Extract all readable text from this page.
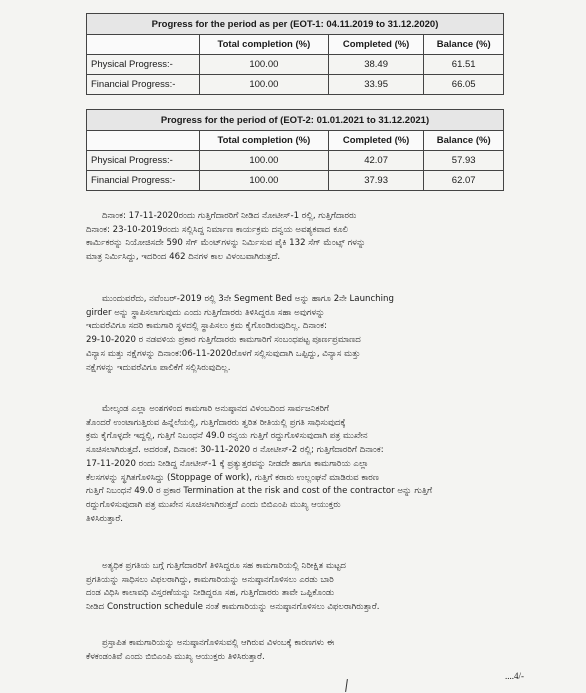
Progress for the period as per (EOT-1: 04.11.2019 to 31.12.2020)			
	Total completion (%)	Completed (%)	Balance (%)
Physical Progress:-	100.00	38.49	61.51
Financial Progress:-	100.00	33.95	66.05
Progress for the period of (EOT-2: 01.01.2021 to 31.12.2021)			
	Total completion (%)	Completed (%)	Balance (%)
Physical Progress:-	100.00	42.07	57.93
Financial Progress:-	100.00	37.93	62.07
ದಿನಾಂಕ: 17-11-2020ರಂದು ಗುತ್ತಿಗೆದಾರರಿಗೆ ನೀಡಿದ ನೋಟೀಸ್-1 ರಲ್ಲಿ, ಗುತ್ತಿಗೆದಾರರು
ದಿನಾಂಕ: 23-10-2019ರಂದು ಸಲ್ಲಿಸಿದ್ದ ನಿರ್ಮಾಣ ಕಾರ್ಯಕ್ರಮ ದನ್ವಯ ಅವಶ್ಯಕವಾದ ಕೂಲಿ
ಕಾರ್ಮಿಕರನ್ನು ನಿಯೋಜಿಸದೇ 590 ಸೆಗ್ ಮೆಂಟ್‌ಗಳನ್ನು ನಿರ್ಮಿಸುವ ಪೈಕಿ 132 ಸೆಗ್ ಮೆಂಟ್ಸ್ ಗಳನ್ನು
ಮಾತ್ರ ನಿರ್ಮಿಸಿದ್ದು, ಇದರಿಂದ 462 ದಿನಗಳ ಕಾಲ ವಿಳಂಬವಾಗಿರುತ್ತದೆ.
ಮುಂದುವರೆದು, ನವೆಂಬರ್-2019 ರಲ್ಲಿ 3ನೇ Segment Bed ಅನ್ನು ಹಾಗೂ 2ನೇ Launching
girder ಅನ್ನು ಸ್ಥಾಪಿಸಲಾಗುವುದು ಎಂದು ಗುತ್ತಿಗೆದಾರರು ತಿಳಿಸಿದ್ದರೂ ಸಹಾ ಅವುಗಳನ್ನು
ಇದುವರೆವಿಗೂ ಸದರಿ ಕಾಮಗಾರಿ ಸ್ಥಳದಲ್ಲಿ ಸ್ಥಾಪಿಸಲು ಕ್ರಮ ಕೈಗೊಂಡಿರುವುದಿಲ್ಲ. ದಿನಾಂಕ:
29-10-2020 ರ ನಡವಳಿಯ ಪ್ರಕಾರ ಗುತ್ತಿಗೆದಾರರು ಕಾಮಗಾರಿಗೆ ಸಂಬಂಧಪಟ್ಟ ಪೂರ್ಣಪ್ರಮಾಣದ
ವಿನ್ಯಾಸ ಮತ್ತು ನಕ್ಷೆಗಳನ್ನು ದಿನಾಂಕ:06-11-2020ರೊಳಗೆ ಸಲ್ಲಿಸುವುದಾಗಿ ಒಪ್ಪಿದ್ದು, ವಿನ್ಯಾಸ ಮತ್ತು
ನಕ್ಷೆಗಳನ್ನು ಇದುವರೆವಿಗೂ ಪಾಲಿಕೆಗೆ ಸಲ್ಲಿಸಿರುವುದಿಲ್ಲ.
ಮೇಲ್ಕಂಡ ಎಲ್ಲಾ ಅಂಶಗಳಿಂದ ಕಾಮಗಾರಿ ಅನುಷ್ಠಾನದ ವಿಳಂಬದಿಂದ ಸಾರ್ವಜನಿಕರಿಗೆ
ತೊಂದರೆ ಉಂಟಾಗುತ್ತಿರುವ ಹಿನ್ನೆಲೆಯಲ್ಲಿ, ಗುತ್ತಿಗೆದಾರರು ತ್ವರಿತ ರೀತಿಯಲ್ಲಿ ಪ್ರಗತಿ ಸಾಧಿಸುವುದಕ್ಕೆ
ಕ್ರಮ ಕೈಗೊಳ್ಳದೇ ಇದ್ದಲ್ಲಿ, ಗುತ್ತಿಗೆ ನಿಬಂಧನೆ 49.0 ರನ್ವಯ ಗುತ್ತಿಗೆ ರದ್ದುಗೊಳಿಸುವುದಾಗಿ ಪತ್ರ ಮುಖೇನ
ಸೂಚಿಸಲಾಗಿರುತ್ತದೆ. ಅದರಂತೆ, ದಿನಾಂಕ: 30-11-2020 ರ ನೋಟೀಸ್-2 ರಲ್ಲಿ; ಗುತ್ತಿಗೆದಾರರಿಗೆ ದಿನಾಂಕ:
17-11-2020 ರಂದು ನೀಡಿದ್ದ ನೋಟೀಸ್-1 ಕ್ಕೆ ಪ್ರತ್ಯುತ್ತರವನ್ನು ನೀಡದೇ ಹಾಗೂ ಕಾಮಗಾರಿಯ ಎಲ್ಲಾ
ಕೆಲಸಗಳನ್ನು ಸ್ಥಗಿತಗೊಳಿಸಿದ್ದು (Stoppage of work), ಗುತ್ತಿಗೆ ಕರಾರು ಉಲ್ಲಂಘನೆ ಮಾಡಿರುವ ಕಾರಣ
ಗುತ್ತಿಗೆ ನಿಬಂಧನೆ 49.0 ರ ಪ್ರಕಾರ Termination at the risk and cost of the contractor ಅನ್ನು ಗುತ್ತಿಗೆ
ರದ್ದುಗೊಳಿಸುವುದಾಗಿ ಪತ್ರ ಮುಖೇನ ಸೂಚಿಸಲಾಗಿರುತ್ತದೆ ಎಂದು ಬಿಬಿಎಂಪಿ ಮುಖ್ಯ ಆಯುಕ್ತರು
ತಿಳಿಸಿರುತ್ತಾರೆ.
ಅತ್ಯಧಿಕ ಪ್ರಗತಿಯ ಬಗ್ಗೆ ಗುತ್ತಿಗೆದಾರರಿಗೆ ತಿಳಿಸಿದ್ದರೂ ಸಹ ಕಾಮಗಾರಿಯಲ್ಲಿ ನಿರೀಕ್ಷಿತ ಮಟ್ಟದ
ಪ್ರಗತಿಯನ್ನು ಸಾಧಿಸಲು ವಿಫಲರಾಗಿದ್ದು, ಕಾಮಗಾರಿಯನ್ನು ಅನುಷ್ಠಾನಗೊಳಿಸಲು ಎರಡು ಬಾರಿ
ದಂಡ ವಿಧಿಸಿ ಕಾಲಾವಧಿ ವಿಸ್ತರಣೆಯನ್ನು ನೀಡಿದ್ದರೂ ಸಹ, ಗುತ್ತಿಗೆದಾರರು ತಾವೇ ಒಪ್ಪಿಕೊಂಡು
ನೀಡಿದ Construction schedule ನಂತೆ ಕಾಮಗಾರಿಯನ್ನು ಅನುಷ್ಠಾನಗೊಳಿಸಲು ವಿಫಲರಾಗಿರುತ್ತಾರೆ.
ಪ್ರಸ್ತಾಪಿತ ಕಾಮಗಾರಿಯನ್ನು ಅನುಷ್ಠಾನಗೊಳಿಸುವಲ್ಲಿ ಆಗಿರುವ ವಿಳಂಬಕ್ಕೆ ಕಾರಣಗಳು ಈ
ಕೆಳಕಂಡಂತಿವೆ ಎಂದು ಬಿಬಿಎಂಪಿ ಮುಖ್ಯ ಆಯುಕ್ತರು ತಿಳಿಸಿರುತ್ತಾರೆ.
....4/-
